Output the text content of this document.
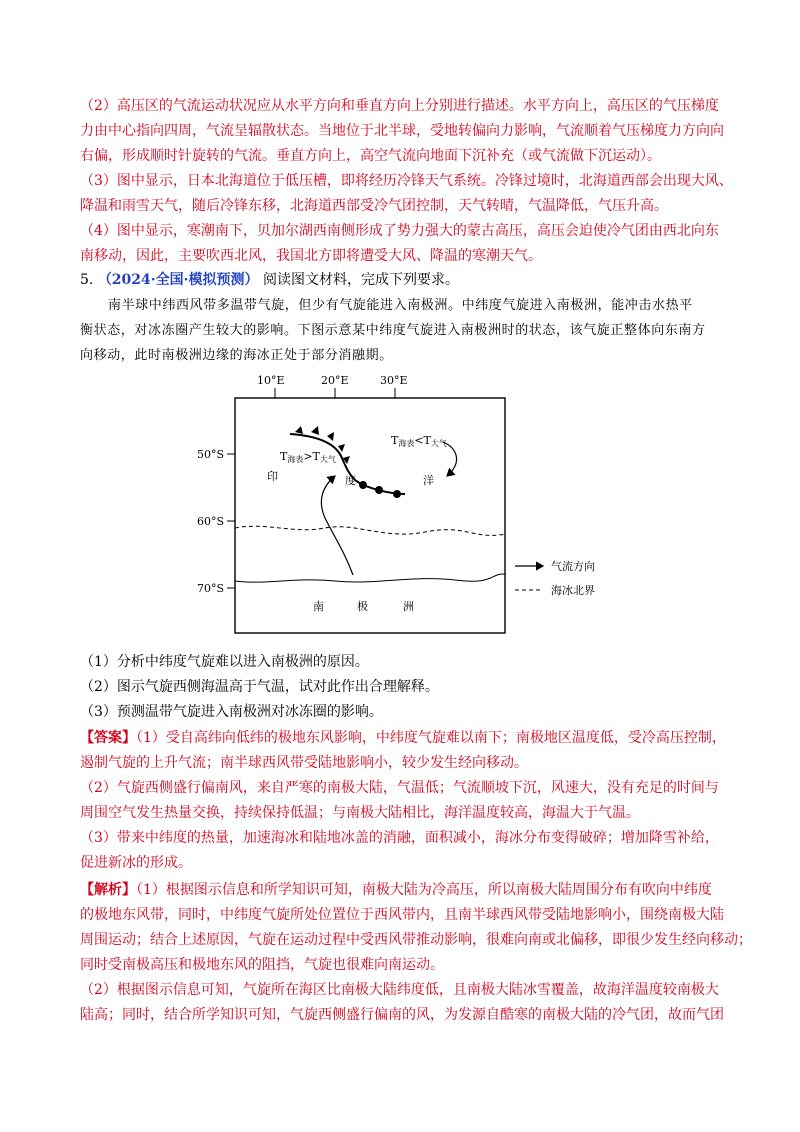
（2）高压区的气流运动状况应从水平方向和垂直方向上分别进行描述。水平方向上，高压区的气压梯度
力由中心指向四周，气流呈辐散状态。当地位于北半球，受地转偏向力影响，气流顺着气压梯度力方向向
右偏，形成顺时针旋转的气流。垂直方向上，高空气流向地面下沉补充（或气流做下沉运动）。

（3）图中显示，日本北海道位于低压槽，即将经历冷锋天气系统。冷锋过境时，北海道西部会出现大风、
降温和雨雪天气，随后冷锋东移，北海道西部受冷气团控制，天气转晴，气温降低，气压升高。

（4）图中显示，寒潮南下，贝加尔湖西南侧形成了势力强大的蒙古高压，高压会迫使冷气团由西北向东
南移动，因此，主要吹西北风，我国北方即将遭受大风、降温的寒潮天气。

5. （2024·全国·模拟预测） 阅读图文材料，完成下列要求。

南半球中纬西风带多温带气旋，但少有气旋能进入南极洲。中纬度气旋进入南极洲，能冲击水热平
衡状态，对冰冻圈产生较大的影响。下图示意某中纬度气旋进入南极洲时的状态，该气旋正整体向东南方
向移动，此时南极洲边缘的海冰正处于部分消融期。

10°E	20°E	30°E
50°S
60°S
70°S
T海表>T大气
T海表<T大气
印	度	洋
南	极	洲
气流方向
海冰北界

（1）分析中纬度气旋难以进入南极洲的原因。
（2）图示气旋西侧海温高于气温，试对此作出合理解释。
（3）预测温带气旋进入南极洲对冰冻圈的影响。

【答案】（1）受自高纬向低纬的极地东风影响，中纬度气旋难以南下；南极地区温度低，受冷高压控制，
遏制气旋的上升气流；南半球西风带受陆地影响小，较少发生经向移动。
（2）气旋西侧盛行偏南风，来自严寒的南极大陆，气温低；气流顺坡下沉，风速大，没有充足的时间与
周围空气发生热量交换，持续保持低温；与南极大陆相比，海洋温度较高，海温大于气温。
（3）带来中纬度的热量，加速海冰和陆地冰盖的消融，面积减小，海冰分布变得破碎；增加降雪补给，
促进新冰的形成。

【解析】（1）根据图示信息和所学知识可知，南极大陆为冷高压，所以南极大陆周围分布有吹向中纬度
的极地东风带，同时，中纬度气旋所处位置位于西风带内，且南半球西风带受陆地影响小，围绕南极大陆
周围运动；结合上述原因，气旋在运动过程中受西风带推动影响，很难向南或北偏移，即很少发生经向移动；
同时受南极高压和极地东风的阻挡，气旋也很难向南运动。
（2）根据图示信息可知，气旋所在海区比南极大陆纬度低，且南极大陆冰雪覆盖，故海洋温度较南极大
陆高；同时，结合所学知识可知，气旋西侧盛行偏南的风，为发源自酷寒的南极大陆的冷气团，故而气团
